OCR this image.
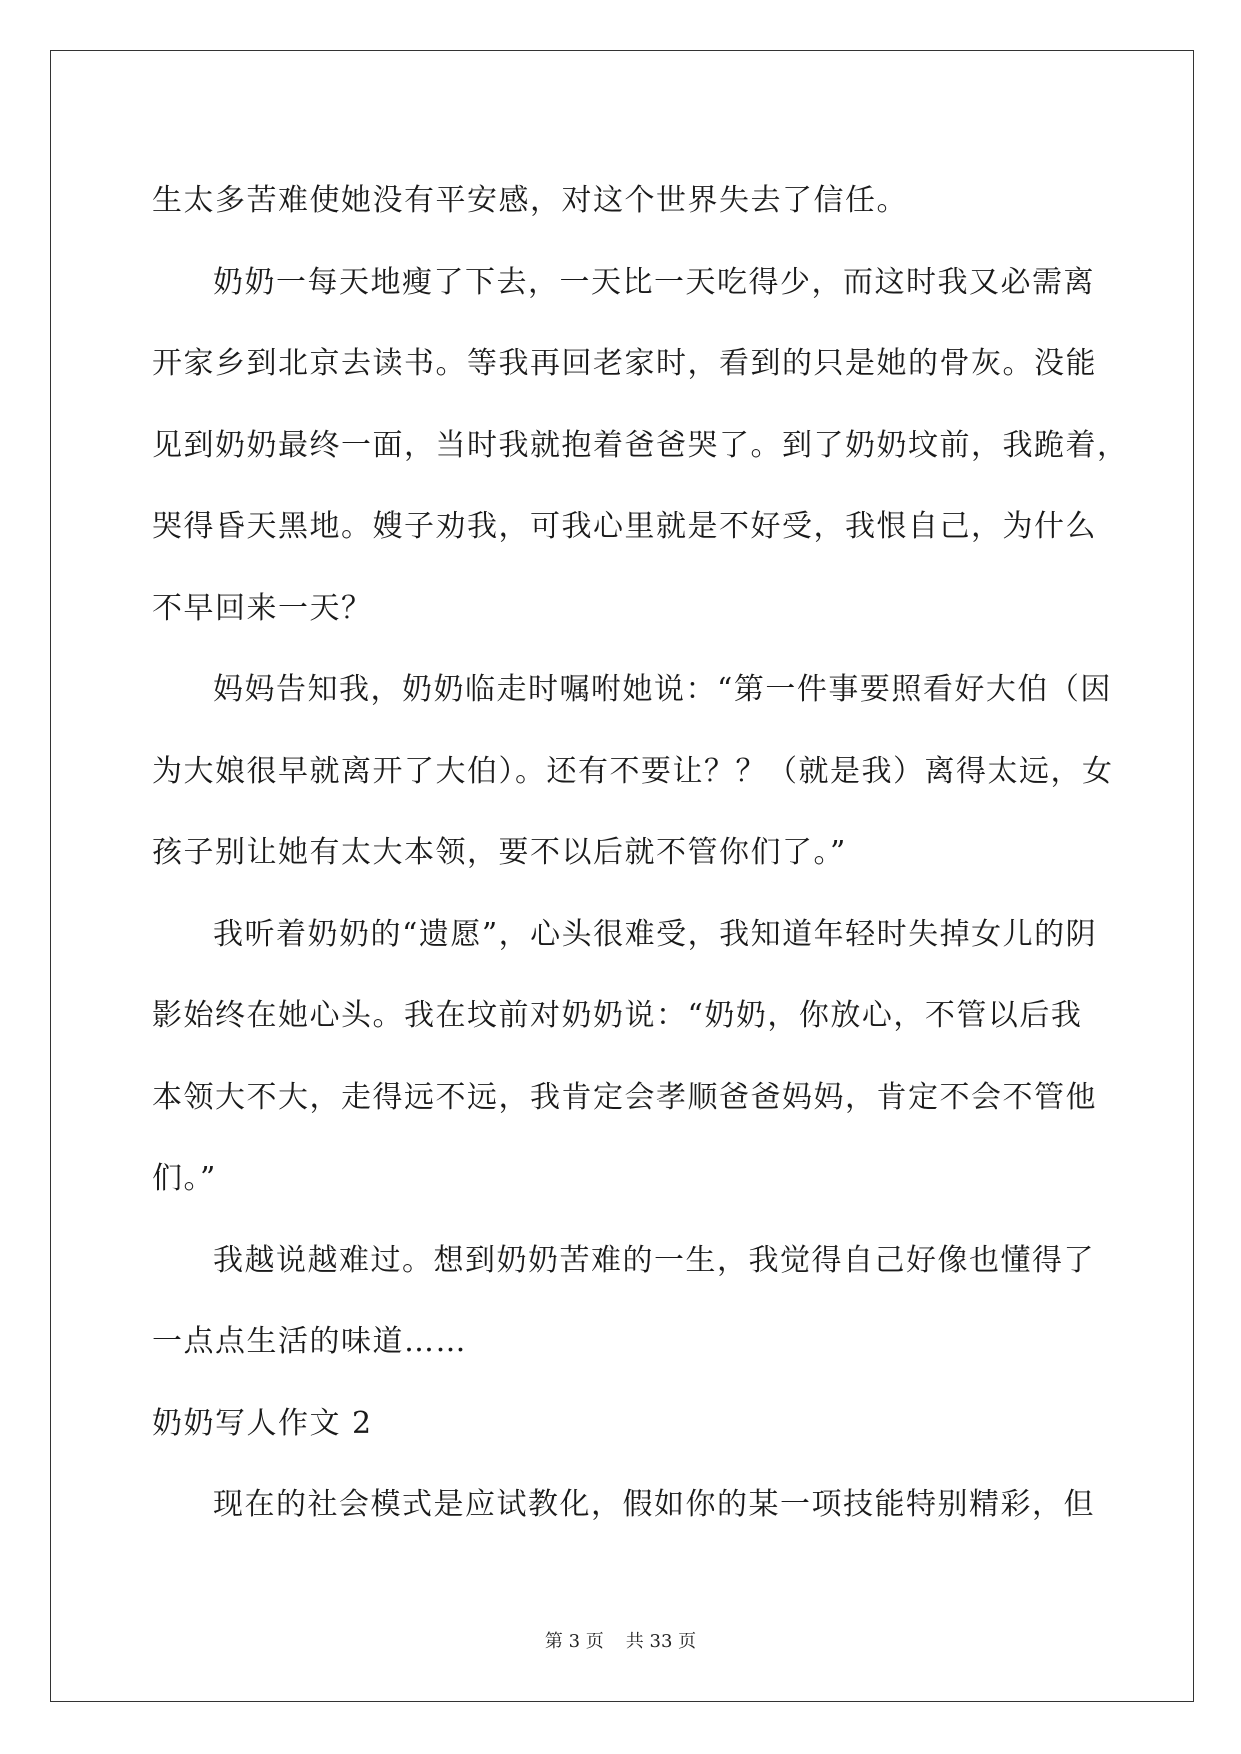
生太多苦难使她没有平安感，对这个世界失去了信任。
奶奶一每天地瘦了下去，一天比一天吃得少，而这时我又必需离
开家乡到北京去读书。等我再回老家时，看到的只是她的骨灰。没能
见到奶奶最终一面，当时我就抱着爸爸哭了。到了奶奶坟前，我跪着，
哭得昏天黑地。嫂子劝我，可我心里就是不好受，我恨自己，为什么
不早回来一天？
妈妈告知我，奶奶临走时嘱咐她说：“第一件事要照看好大伯（因
为大娘很早就离开了大伯）。还有不要让？？（就是我）离得太远，女
孩子别让她有太大本领，要不以后就不管你们了。”
我听着奶奶的“遗愿”，心头很难受，我知道年轻时失掉女儿的阴
影始终在她心头。我在坟前对奶奶说：“奶奶，你放心，不管以后我
本领大不大，走得远不远，我肯定会孝顺爸爸妈妈，肯定不会不管他
们。”
我越说越难过。想到奶奶苦难的一生，我觉得自己好像也懂得了
一点点生活的味道……
奶奶写人作文 2
现在的社会模式是应试教化，假如你的某一项技能特别精彩，但
第 3 页 共 33 页
